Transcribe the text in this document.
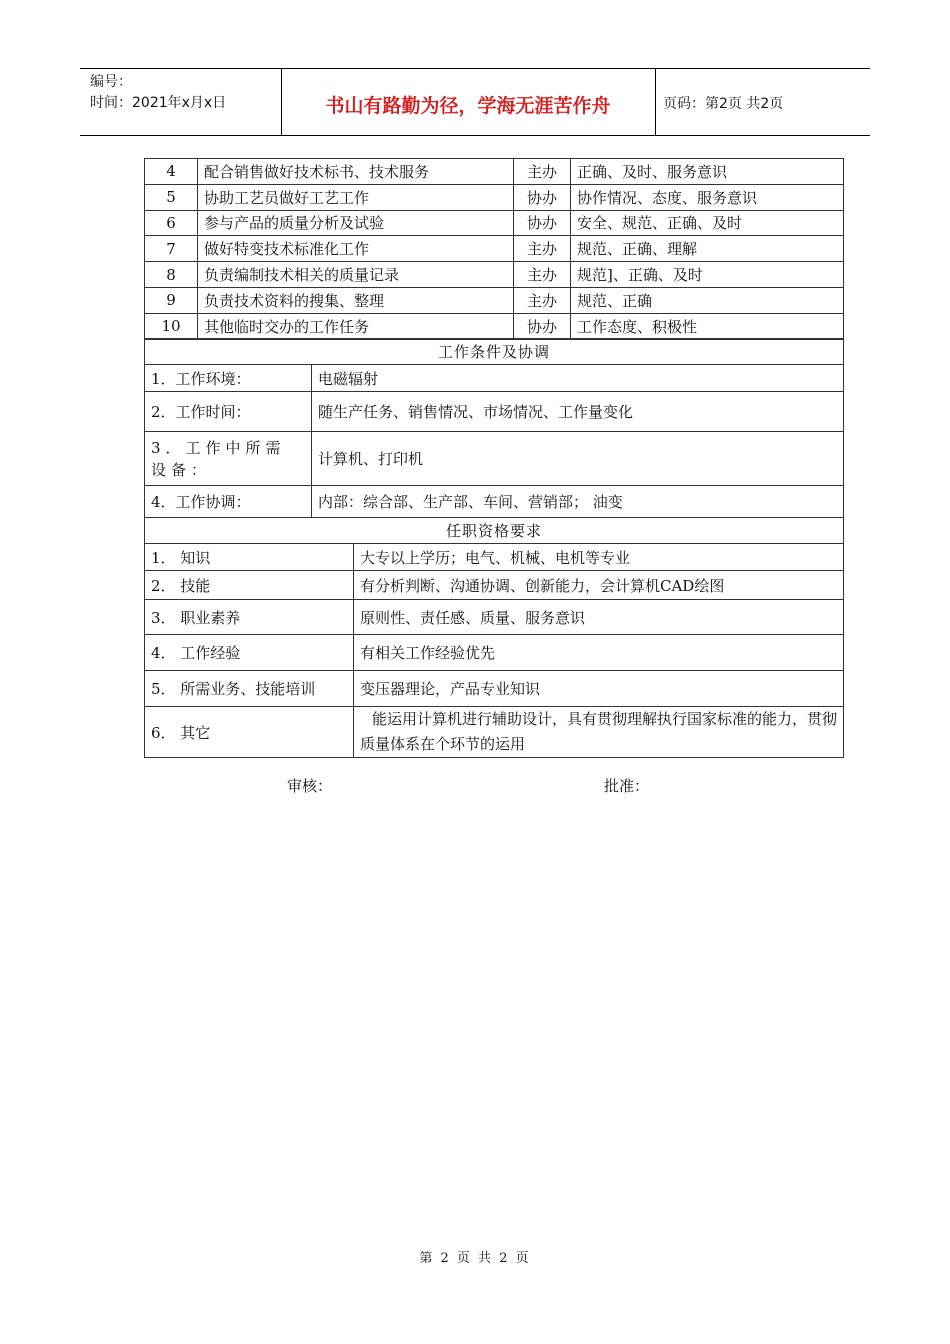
编号：
时间：2021年x月x日	书山有路勤为径，学海无涯苦作舟	页码：第2页 共2页
4	配合销售做好技术标书、技术服务	主办	正确、及时、服务意识
5	协助工艺员做好工艺工作	协办	协作情况、态度、服务意识
6	参与产品的质量分析及试验	协办	安全、规范、正确、及时
7	做好特变技术标准化工作	主办	规范、正确、理解
8	负责编制技术相关的质量记录	主办	规范]、正确、及时
9	负责技术资料的搜集、整理	主办	规范、正确
10	其他临时交办的工作任务	协办	工作态度、积极性
工作条件及协调	
1．工作环境：	电磁辐射
2．工作时间：	随生产任务、销售情况、市场情况、工作量变化
3．工作中所需设备：	计算机、打印机
4．工作协调：	内部：综合部、生产部、车间、营销部； 油变
任职资格要求	
1． 知识	大专以上学历；电气、机械、电机等专业
2． 技能	有分析判断、沟通协调、创新能力，会计算机CAD绘图
3． 职业素养	原则性、责任感、质量、服务意识
4． 工作经验	有相关工作经验优先
5． 所需业务、技能培训	变压器理论，产品专业知识
6． 其它	能运用计算机进行辅助设计，具有贯彻理解执行国家标准的能力，贯彻质量体系在个环节的运用
审核：	批准：
第 2 页 共 2 页
